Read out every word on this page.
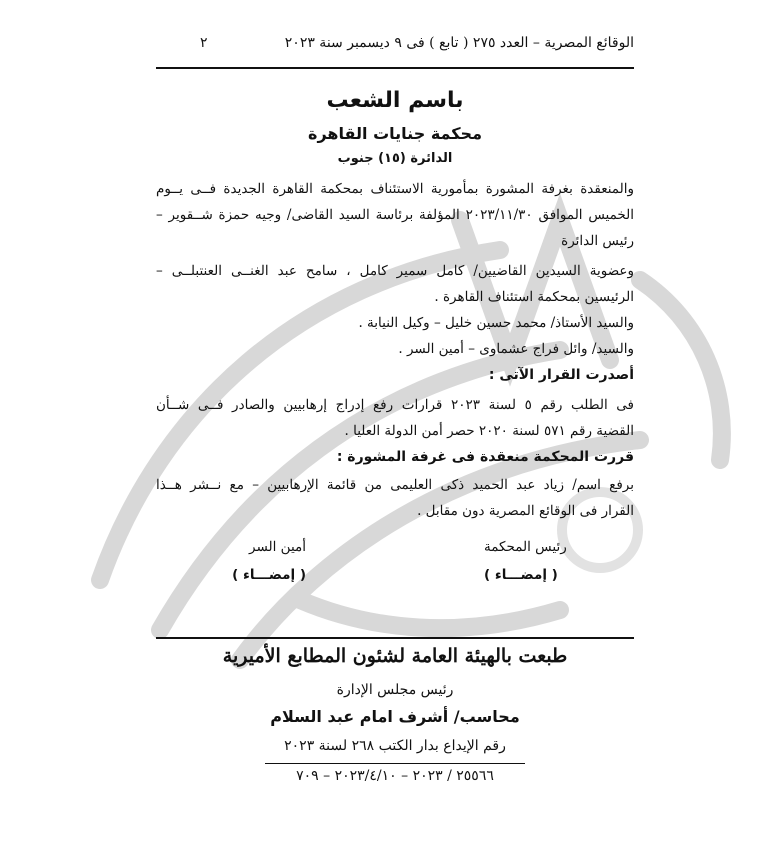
٢	الوقائع المصرية – العدد ٢٧٥ ( تابع ) فى ٩ ديسمبر سنة ٢٠٢٣
باسم الشعب
محكمة جنايات القاهرة
الدائرة (١٥) جنوب

والمنعقدة بغرفة المشورة بمأمورية الاستئناف بمحكمة القاهرة الجديدة فــى يــوم

الخميس الموافق ٢٠٢٣/١١/٣٠ المؤلفة برئاسة السيد القاضى/ وجيه حمزة شــقوير –

رئيس الدائرة

وعضوية السيدين القاضيين/ كامل سمير كامل ، سامح عبد الغنــى العنتبلــى –

الرئيسين بمحكمة استئناف القاهرة .

والسيد الأستاذ/ محمد حسين خليل – وكيل النيابة .

والسيد/ وائل فراج عشماوى – أمين السر .

أصدرت القرار الآتى :

فى الطلب رقم ٥ لسنة ٢٠٢٣ قرارات رفع إدراج إرهابيين والصادر فــى شــأن

القضية رقم ٥٧١ لسنة ٢٠٢٠ حصر أمن الدولة العليا .

قررت المحكمة منعقدة فى غرفة المشورة :

برفع اسم/ زياد عبد الحميد ذكى العليمى من قائمة الإرهابيين – مع نــشر هــذا

القرار فى الوقائع المصرية دون مقابل .

أمين السر	رئيس المحكمة
( إمضـــاء )	( إمضـــاء )
طبعت بالهيئة العامة لشئون المطابع الأميرية
رئيس مجلس الإدارة
محاسب/ أشرف امام عبد السلام
رقم الإيداع بدار الكتب ٢٦٨ لسنة ٢٠٢٣
٢٥٥٦٦ / ٢٠٢٣ – ٢٠٢٣/٤/١٠ – ٧٠٩
